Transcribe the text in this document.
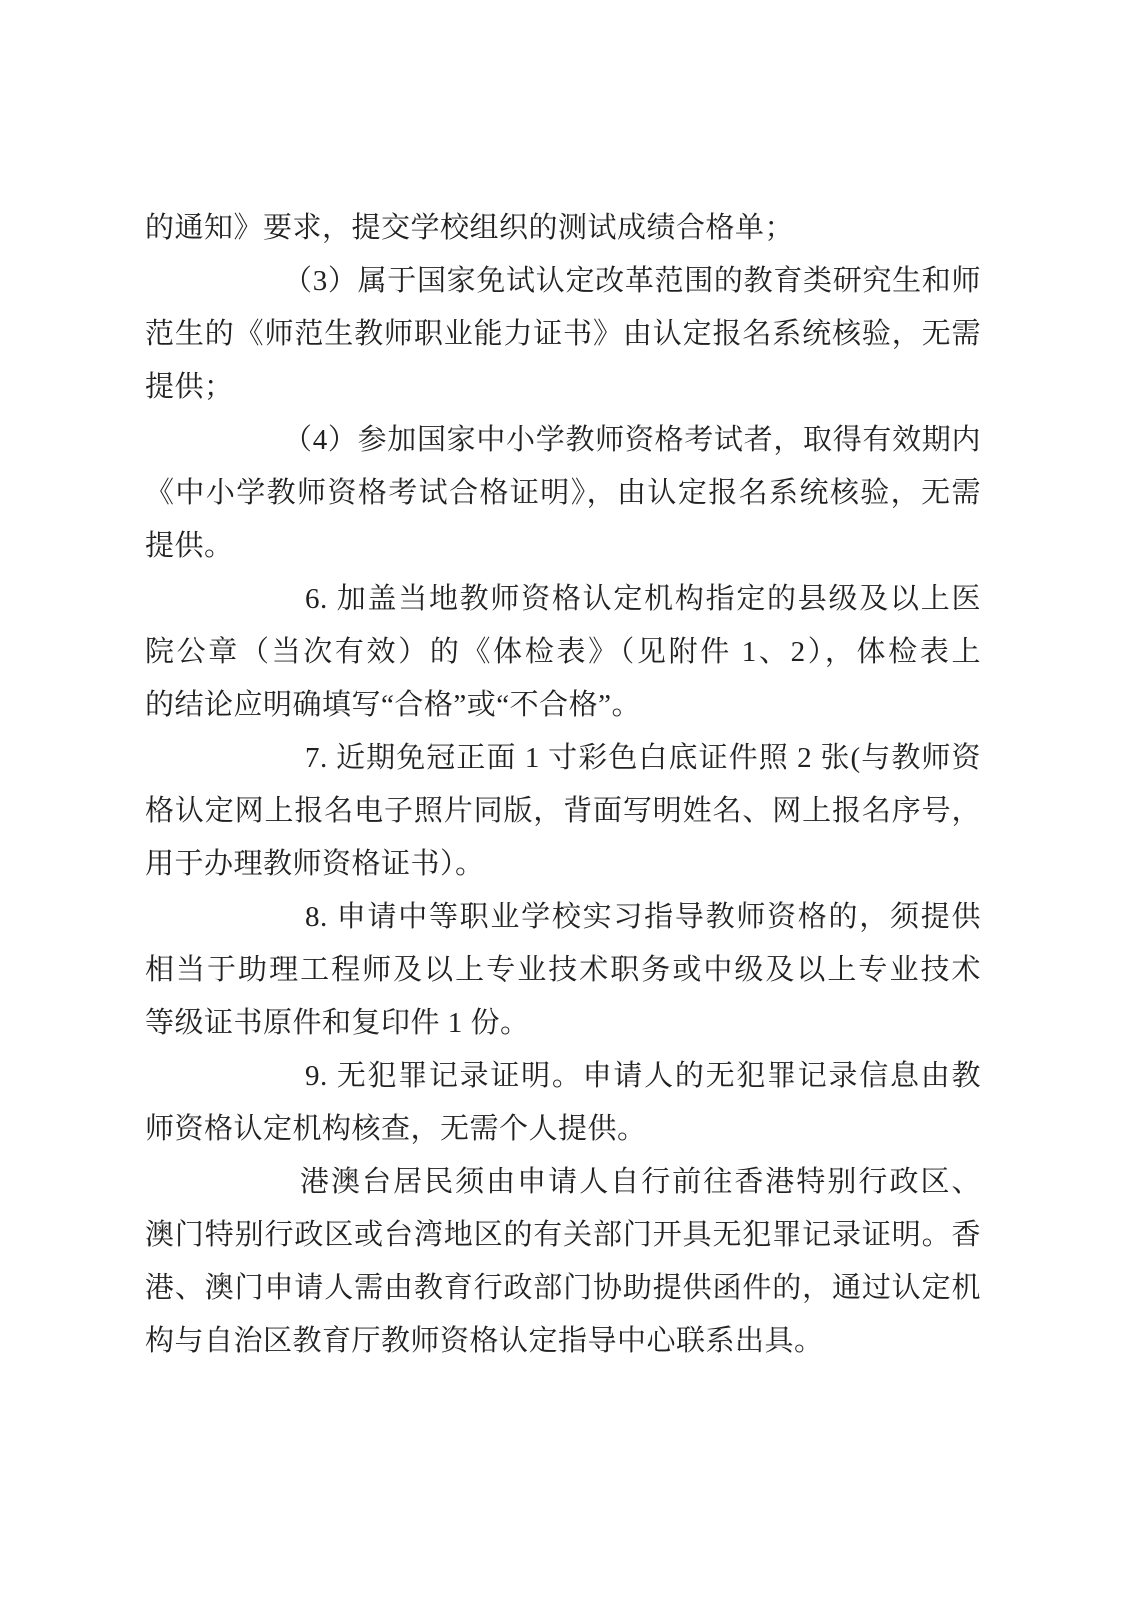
的通知》要求，提交学校组织的测试成绩合格单；
（3）属于国家免试认定改革范围的教育类研究生和师
范生的《师范生教师职业能力证书》由认定报名系统核验，无需
提供；
（4）参加国家中小学教师资格考试者，取得有效期内
《中小学教师资格考试合格证明》，由认定报名系统核验，无需
提供。
6. 加盖当地教师资格认定机构指定的县级及以上医
院公章（当次有效）的《体检表》（见附件 1、2），体检表上
的结论应明确填写“合格”或“不合格”。
7. 近期免冠正面 1 寸彩色白底证件照 2 张(与教师资
格认定网上报名电子照片同版，背面写明姓名、网上报名序号，
用于办理教师资格证书）。
8. 申请中等职业学校实习指导教师资格的，须提供
相当于助理工程师及以上专业技术职务或中级及以上专业技术
等级证书原件和复印件 1 份。
9. 无犯罪记录证明。申请人的无犯罪记录信息由教
师资格认定机构核查，无需个人提供。
港澳台居民须由申请人自行前往香港特别行政区、
澳门特别行政区或台湾地区的有关部门开具无犯罪记录证明。香
港、澳门申请人需由教育行政部门协助提供函件的，通过认定机
构与自治区教育厅教师资格认定指导中心联系出具。
